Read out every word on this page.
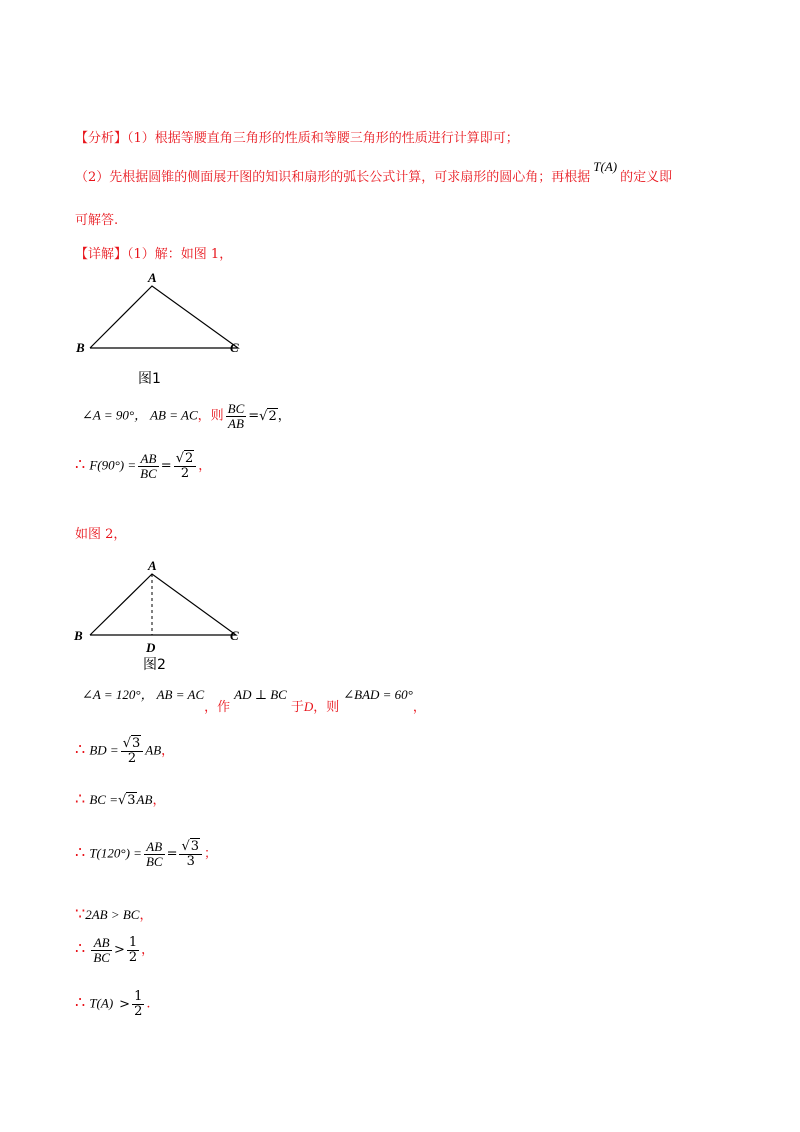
【分析】（1）根据等腰直角三角形的性质和等腰三角形的性质进行计算即可；
（2）先根据圆锥的侧面展开图的知识和扇形的弧长公式计算，可求扇形的圆心角；再根据T(A)的定义即
可解答.
【详解】（1）解：如图 1，
A
B	C
图1
∠A = 90°， AB = AC，则 $\frac{BC}{AB} =√2$，
∴ $F(90^\circ) = \frac{AB}{BC} = \frac{√2}{2}$ ，
如图 2，
A
B	C
D
图2
∠A = 120°， AB = AC，作AD ⊥ BC于D，则∠BAD = 60°，
∴ BD = $\frac{√3}{2}$ AB，
∴ BC =√3AB，
∴ $T(120^\circ) = \frac{AB}{BC} = \frac{√3}{3}$ ；
∵2AB > BC，
∴ $\frac{AB}{BC} > \frac{1}{2}$ ，
∴ $T(A) > \frac{1}{2}$ .
